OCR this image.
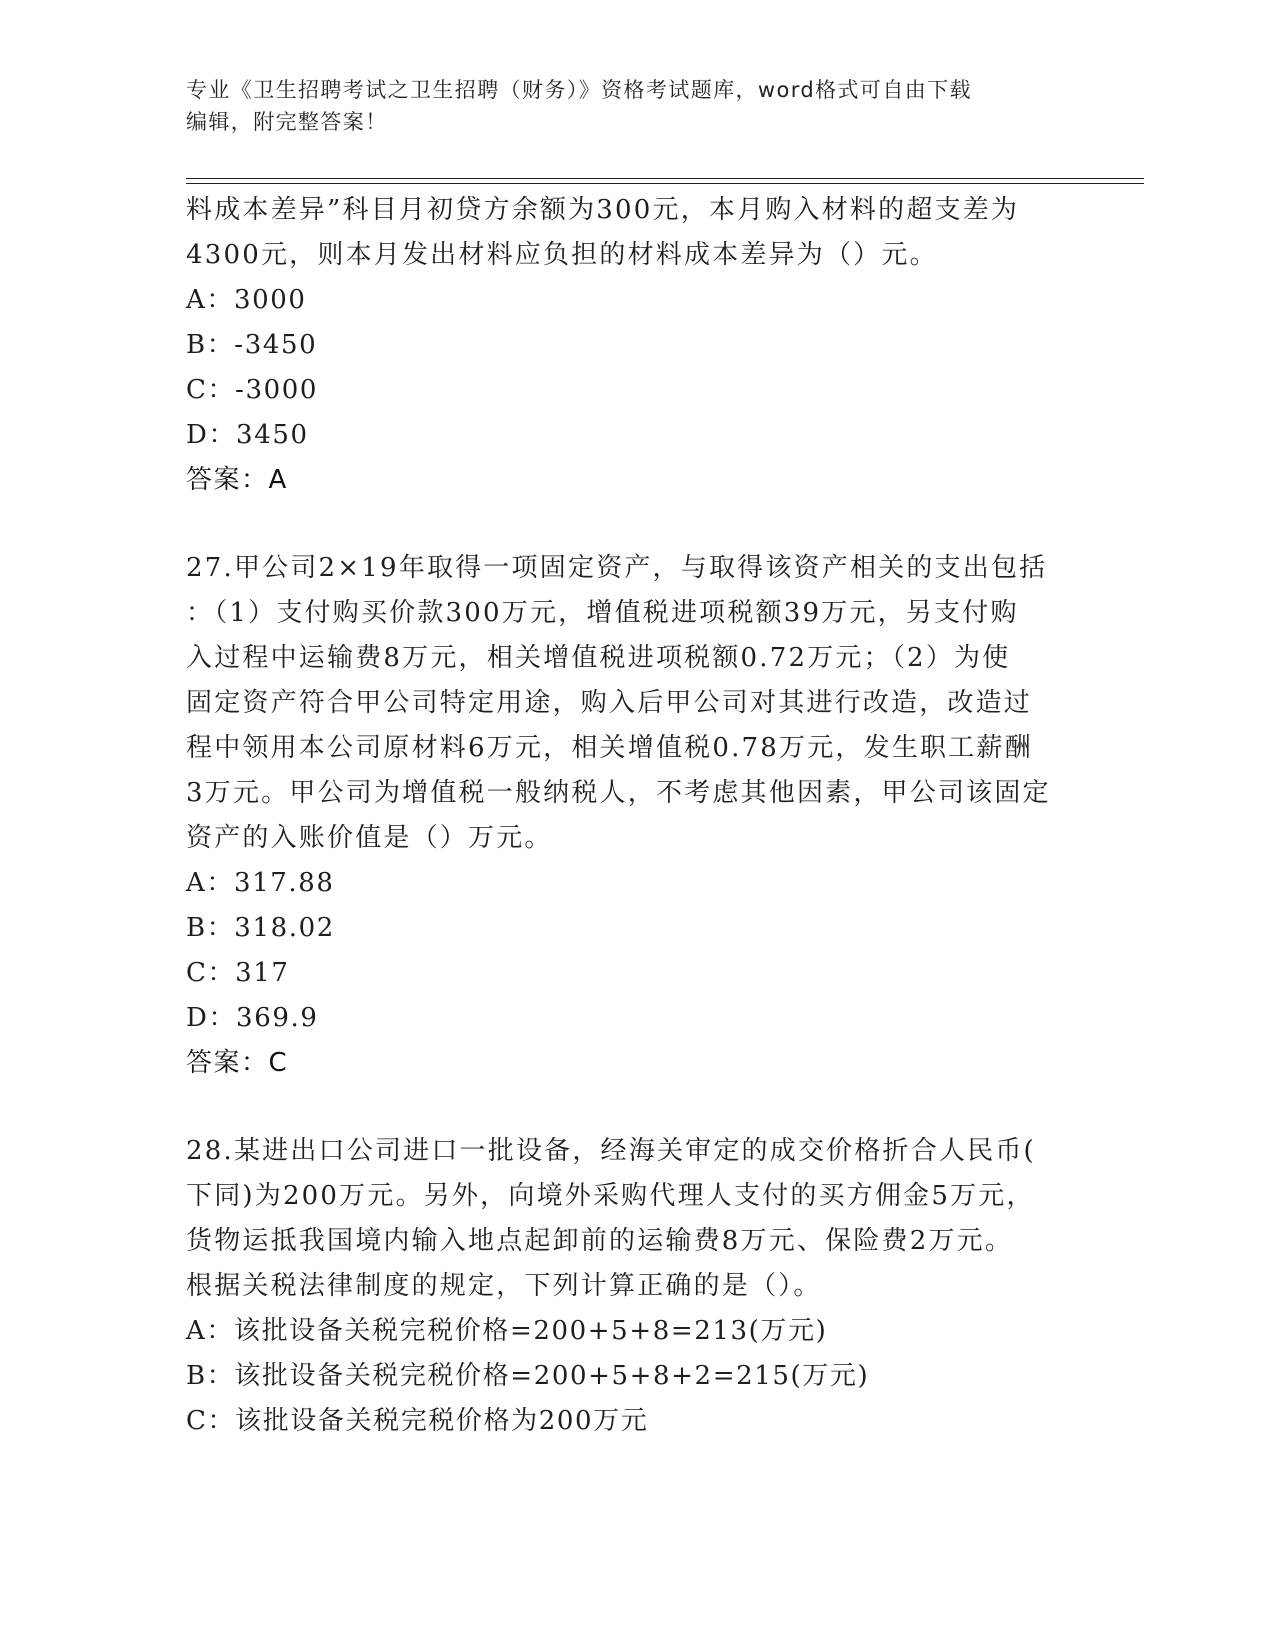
专业《卫生招聘考试之卫生招聘（财务）》资格考试题库，word格式可自由下载
编辑，附完整答案！
料成本差异”科目月初贷方余额为300元，本月购入材料的超支差为
4300元，则本月发出材料应负担的材料成本差异为（）元。
A：3000
B：-3450
C：-3000
D：3450
答案：A
27.甲公司2×19年取得一项固定资产，与取得该资产相关的支出包括
：（1）支付购买价款300万元，增值税进项税额39万元，另支付购
入过程中运输费8万元，相关增值税进项税额0.72万元；（2）为使
固定资产符合甲公司特定用途，购入后甲公司对其进行改造，改造过
程中领用本公司原材料6万元，相关增值税0.78万元，发生职工薪酬
3万元。甲公司为增值税一般纳税人，不考虑其他因素，甲公司该固定
资产的入账价值是（）万元。
A：317.88
B：318.02
C：317
D：369.9
答案：C
28.某进出口公司进口一批设备，经海关审定的成交价格折合人民币(
下同)为200万元。另外，向境外采购代理人支付的买方佣金5万元，
货物运抵我国境内输入地点起卸前的运输费8万元、保险费2万元。
根据关税法律制度的规定，下列计算正确的是（）。
A：该批设备关税完税价格=200+5+8=213(万元)
B：该批设备关税完税价格=200+5+8+2=215(万元)
C：该批设备关税完税价格为200万元
